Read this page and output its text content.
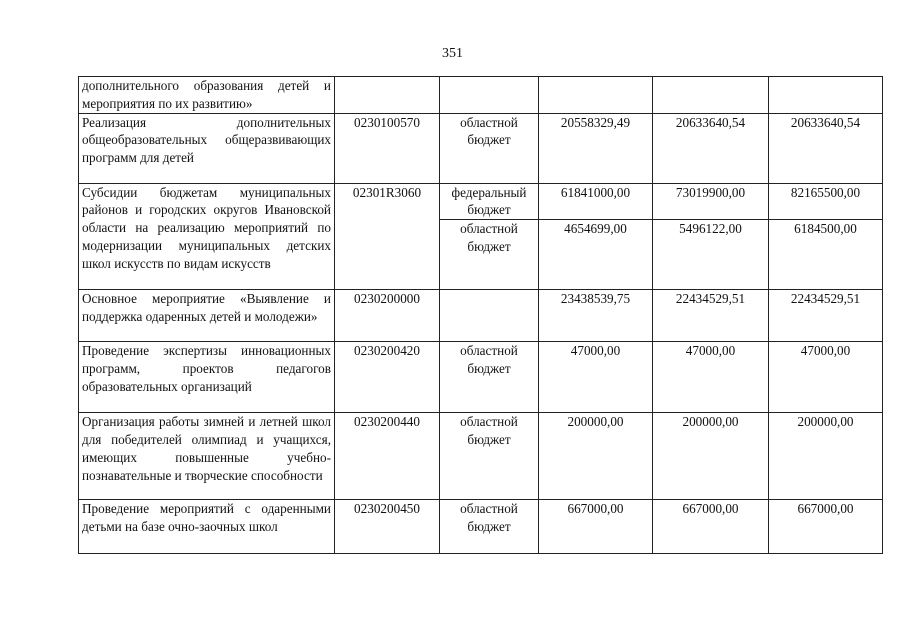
351
дополнительного образования детей и мероприятия по их развитию»					
Реализация дополнительных общеобразовательных общеразвивающих программ для детей	0230100570	областной бюджет	20558329,49	20633640,54	20633640,54
Субсидии бюджетам муниципальных районов и городских округов Ивановской области на реализацию мероприятий по модернизации муниципальных детских школ искусств по видам искусств	02301R3060	федеральный бюджет	61841000,00	73019900,00	82165500,00
		областной бюджет	4654699,00	5496122,00	6184500,00
Основное мероприятие «Выявление и поддержка одаренных детей и молодежи»	0230200000		23438539,75	22434529,51	22434529,51
Проведение экспертизы инновационных программ, проектов педагогов образовательных организаций	0230200420	областной бюджет	47000,00	47000,00	47000,00
Организация работы зимней и летней школ для победителей олимпиад и учащихся, имеющих повышенные учебно-познавательные и творческие способности	0230200440	областной бюджет	200000,00	200000,00	200000,00
Проведение мероприятий с одаренными детьми на базе очно-заочных школ	0230200450	областной бюджет	667000,00	667000,00	667000,00
